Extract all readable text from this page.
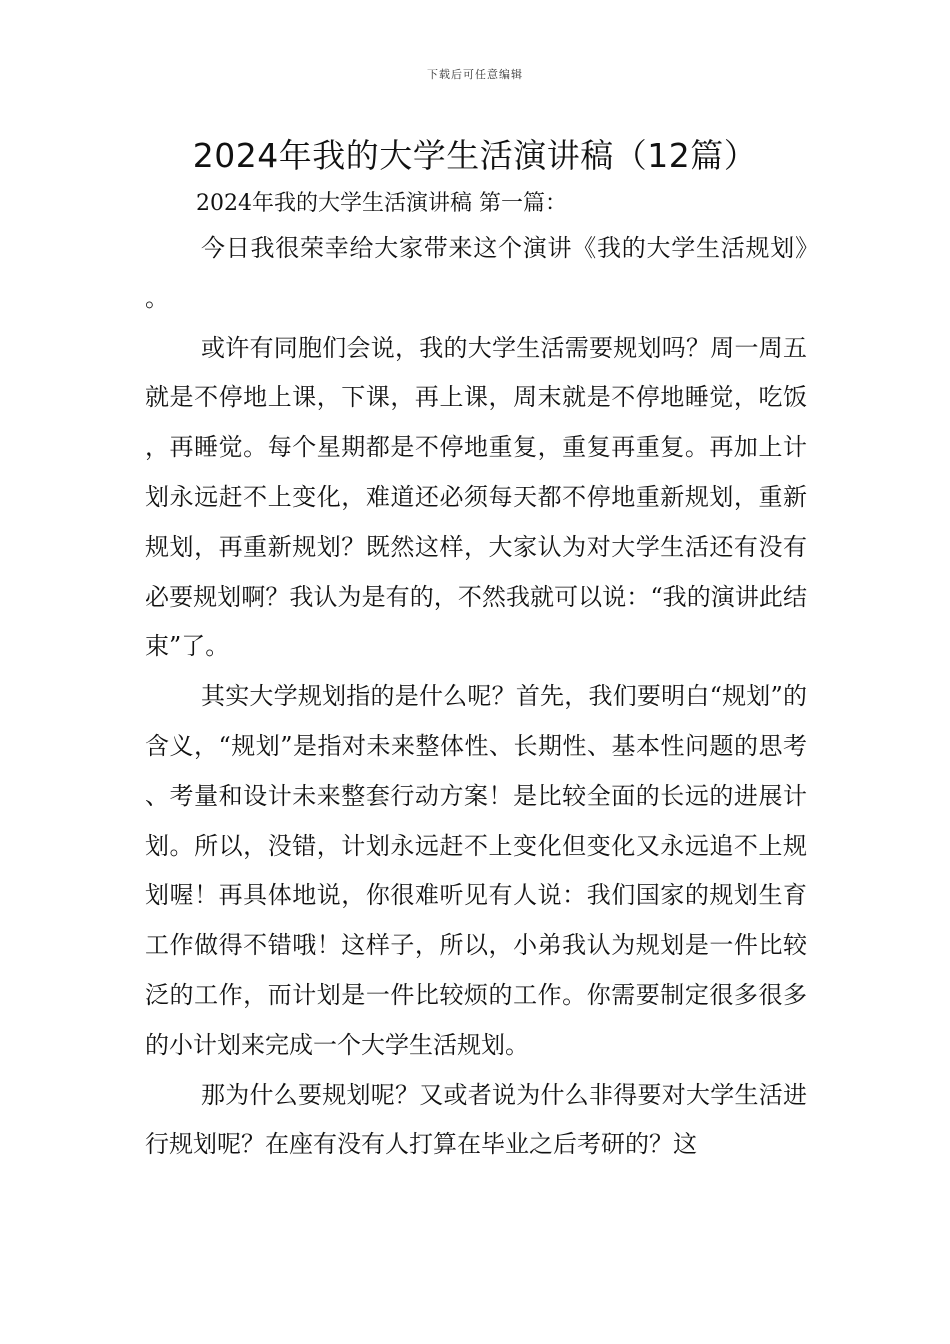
下载后可任意编辑
2024年我的大学生活演讲稿（12篇）
2024年我的大学生活演讲稿 第一篇：

今日我很荣幸给大家带来这个演讲《我的大学生活规划》。

或许有同胞们会说，我的大学生活需要规划吗？周一周五就是不停地上课，下课，再上课，周末就是不停地睡觉，吃饭，再睡觉。每个星期都是不停地重复，重复再重复。再加上计划永远赶不上变化，难道还必须每天都不停地重新规划，重新规划，再重新规划？既然这样，大家认为对大学生活还有没有必要规划啊？我认为是有的，不然我就可以说：“我的演讲此结束”了。

其实大学规划指的是什么呢？首先，我们要明白“规划”的含义，“规划”是指对未来整体性、长期性、基本性问题的思考、考量和设计未来整套行动方案！是比较全面的长远的进展计划。所以，没错，计划永远赶不上变化但变化又永远追不上规划喔！再具体地说，你很难听见有人说：我们国家的规划生育工作做得不错哦！这样子，所以，小弟我认为规划是一件比较泛的工作，而计划是一件比较烦的工作。你需要制定很多很多的小计划来完成一个大学生活规划。

那为什么要规划呢？又或者说为什么非得要对大学生活进行规划呢？在座有没有人打算在毕业之后考研的？这
